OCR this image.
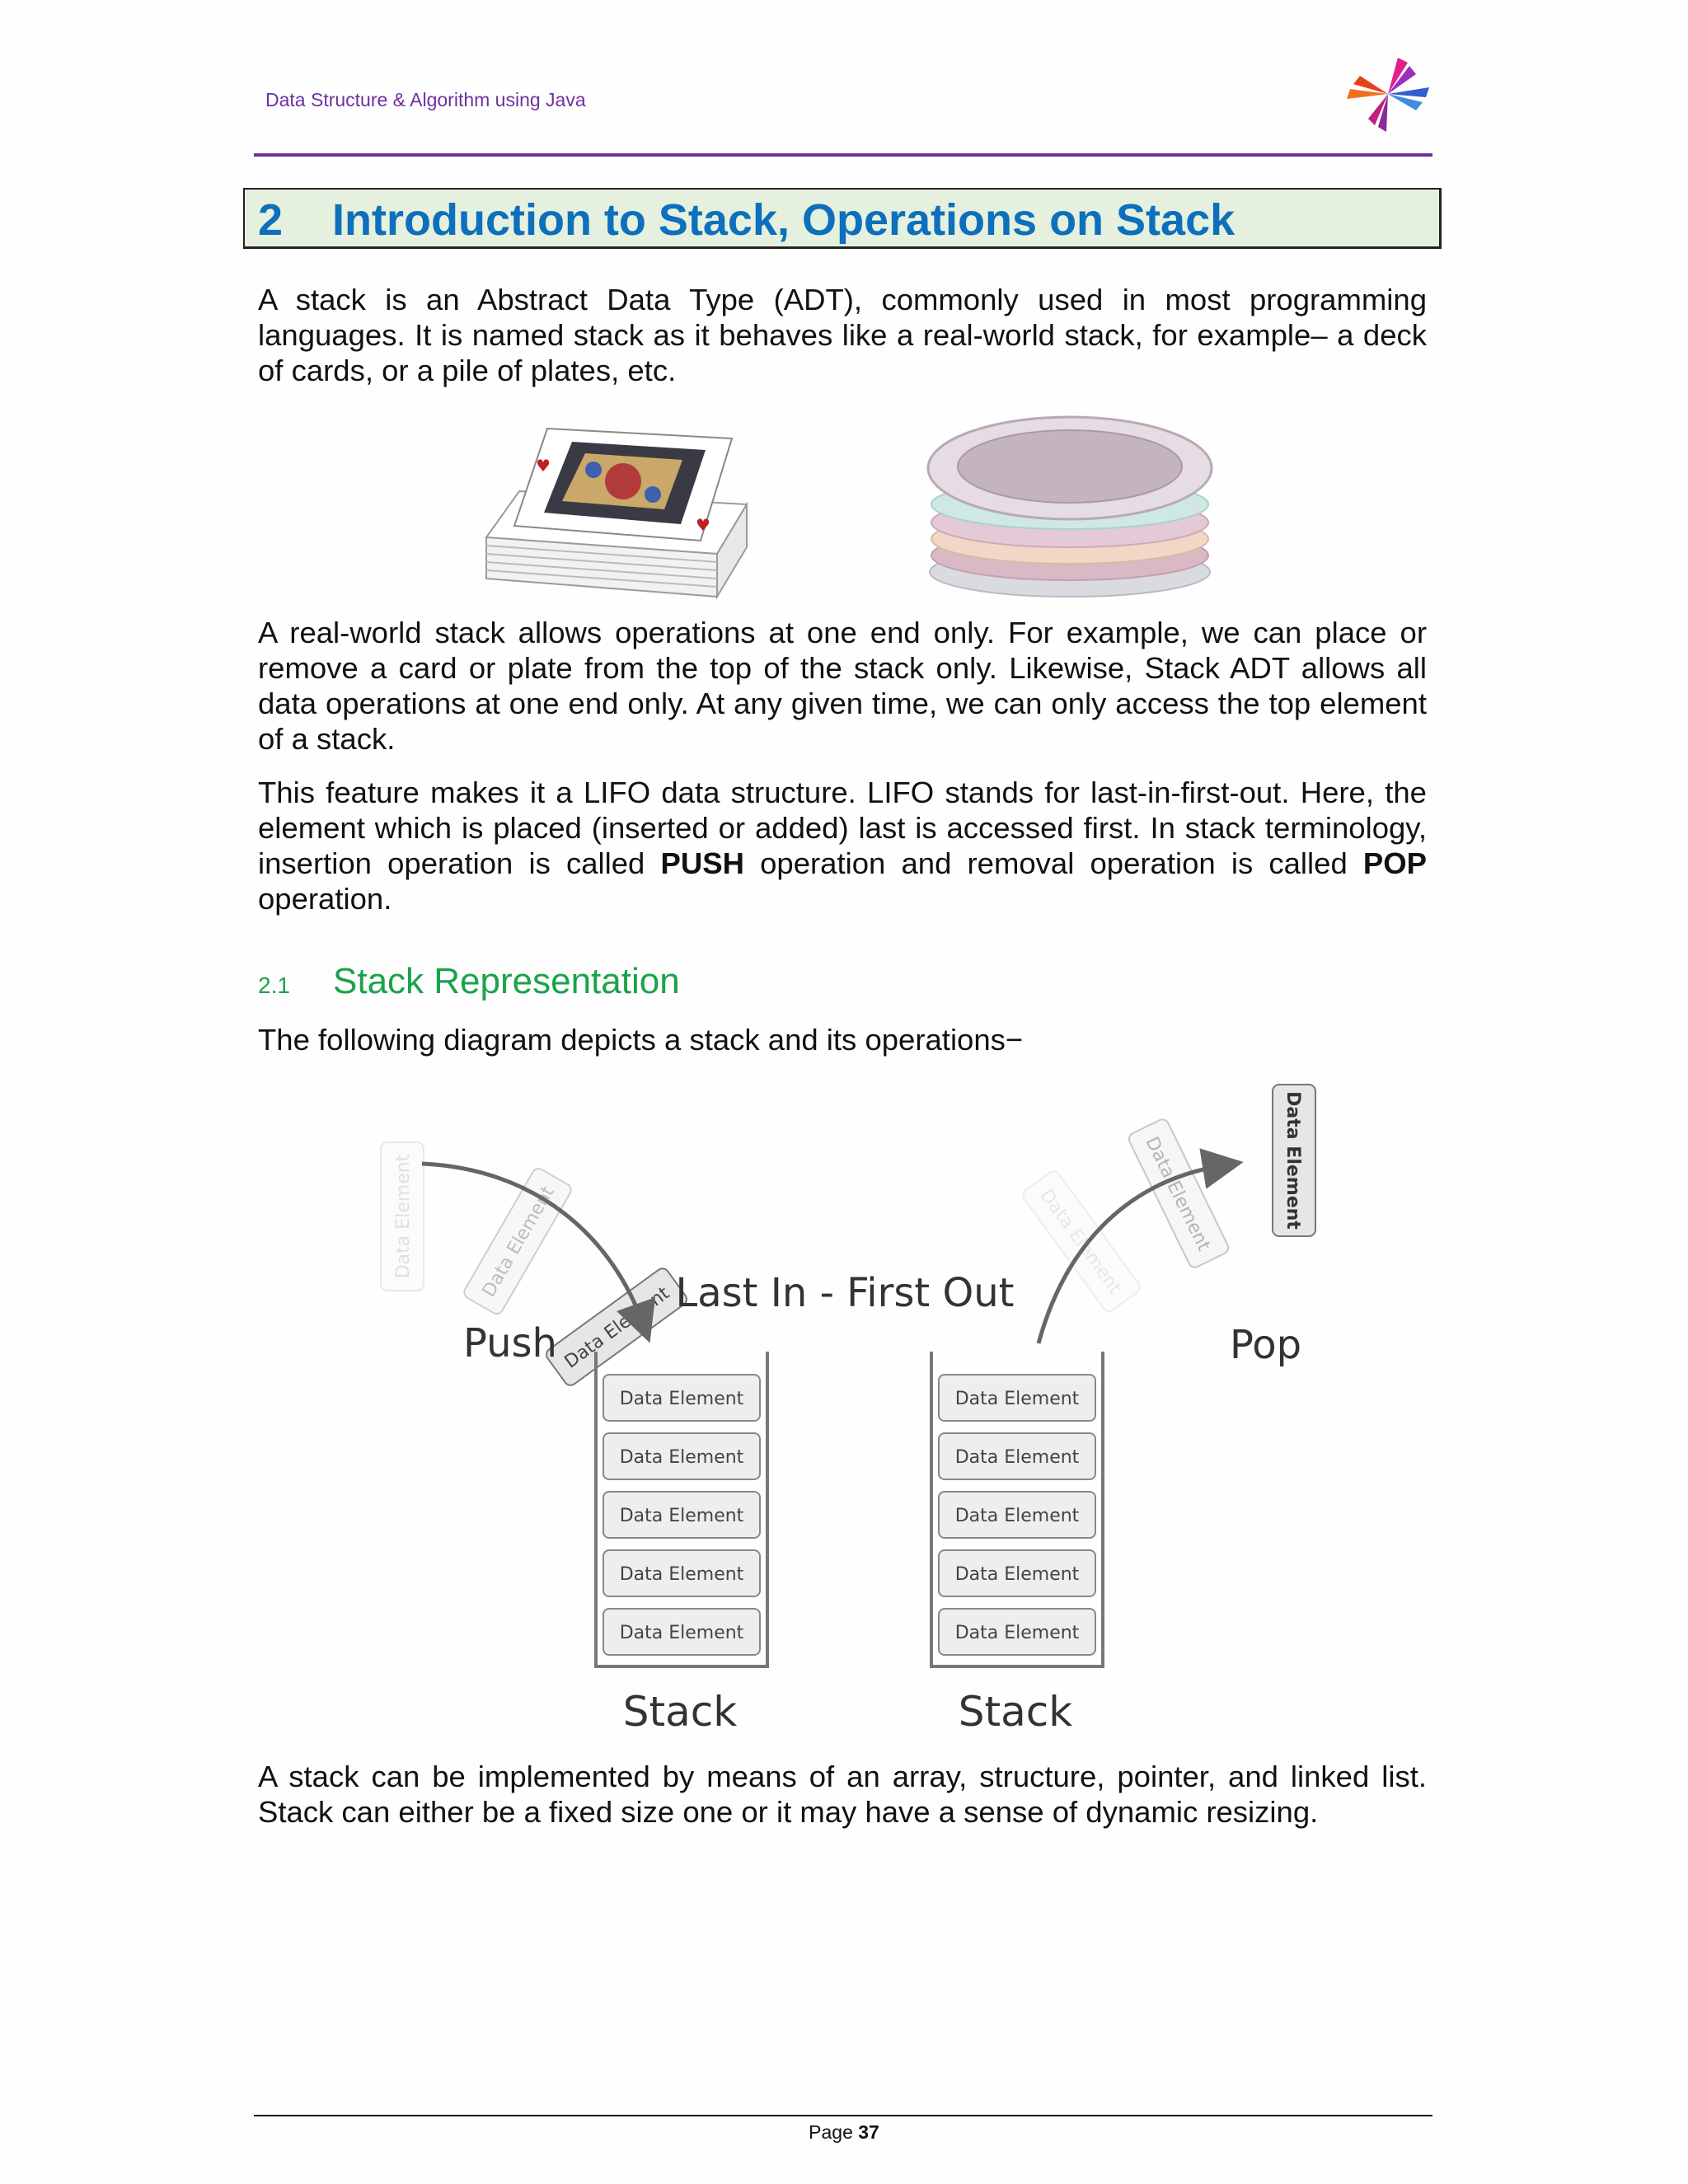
Data Structure & Algorithm using Java
2 Introduction to Stack, Operations on Stack
A stack is an Abstract Data Type (ADT), commonly used in most programming languages. It is named stack as it behaves like a real-world stack, for example– a deck of cards, or a pile of plates, etc.
♥
♥
A real-world stack allows operations at one end only. For example, we can place or remove a card or plate from the top of the stack only. Likewise, Stack ADT allows all data operations at one end only. At any given time, we can only access the top element of a stack.
This feature makes it a LIFO data structure. LIFO stands for last-in-first-out. Here, the element which is placed (inserted or added) last is accessed first. In stack terminology, insertion operation is called PUSH operation and removal operation is called POP operation.
2.1 Stack Representation
The following diagram depicts a stack and its operations−
Data Element	Data Element
Data Element Last In - First Out
Push	Pop
Data Element
Data Element
Data Element
Data Element
Data Element
Stack
Data Element
Data Element
Data Element
Data Element
Data Element
Stack
Data Element Data Element	Data Element
A stack can be implemented by means of an array, structure, pointer, and linked list. Stack can either be a fixed size one or it may have a sense of dynamic resizing.
Page 37
